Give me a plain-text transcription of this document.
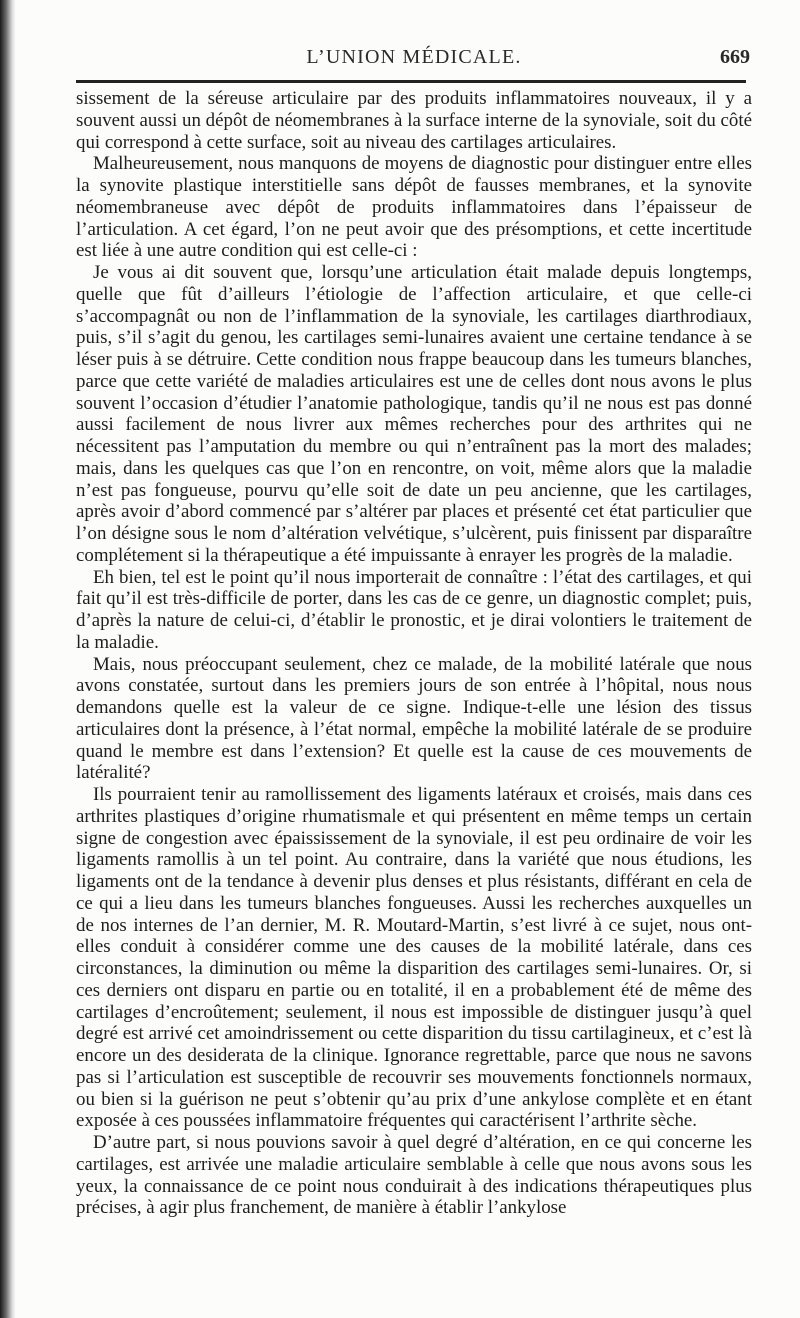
L’UNION MÉDICALE.	669

sissement de la séreuse articulaire par des produits inflammatoires nouveaux, il y a souvent aussi un dépôt de néomembranes à la surface interne de la synoviale, soit du côté qui correspond à cette surface, soit au niveau des cartilages articulaires.

Malheureusement, nous manquons de moyens de diagnostic pour distinguer entre elles la synovite plastique interstitielle sans dépôt de fausses membranes, et la synovite néomembraneuse avec dépôt de produits inflammatoires dans l’épaisseur de l’articulation. A cet égard, l’on ne peut avoir que des présomptions, et cette incertitude est liée à une autre condition qui est celle-ci :

Je vous ai dit souvent que, lorsqu’une articulation était malade depuis longtemps, quelle que fût d’ailleurs l’étiologie de l’affection articulaire, et que celle-ci s’accompagnât ou non de l’inflammation de la synoviale, les cartilages diarthrodiaux, puis, s’il s’agit du genou, les cartilages semi-lunaires avaient une certaine tendance à se léser puis à se détruire. Cette condition nous frappe beaucoup dans les tumeurs blanches, parce que cette variété de maladies articulaires est une de celles dont nous avons le plus souvent l’occasion d’étudier l’anatomie pathologique, tandis qu’il ne nous est pas donné aussi facilement de nous livrer aux mêmes recherches pour des arthrites qui ne nécessitent pas l’amputation du membre ou qui n’entraînent pas la mort des malades; mais, dans les quelques cas que l’on en rencontre, on voit, même alors que la maladie n’est pas fongueuse, pourvu qu’elle soit de date un peu ancienne, que les cartilages, après avoir d’abord commencé par s’altérer par places et présenté cet état particulier que l’on désigne sous le nom d’altération velvétique, s’ulcèrent, puis finissent par disparaître complétement si la thérapeutique a été impuissante à enrayer les progrès de la maladie.

Eh bien, tel est le point qu’il nous importerait de connaître : l’état des cartilages, et qui fait qu’il est très-difficile de porter, dans les cas de ce genre, un diagnostic complet; puis, d’après la nature de celui-ci, d’établir le pronostic, et je dirai volontiers le traitement de la maladie.

Mais, nous préoccupant seulement, chez ce malade, de la mobilité latérale que nous avons constatée, surtout dans les premiers jours de son entrée à l’hôpital, nous nous demandons quelle est la valeur de ce signe. Indique-t-elle une lésion des tissus articulaires dont la présence, à l’état normal, empêche la mobilité latérale de se produire quand le membre est dans l’extension? Et quelle est la cause de ces mouvements de latéralité?

Ils pourraient tenir au ramollissement des ligaments latéraux et croisés, mais dans ces arthrites plastiques d’origine rhumatismale et qui présentent en même temps un certain signe de congestion avec épaississement de la synoviale, il est peu ordinaire de voir les ligaments ramollis à un tel point. Au contraire, dans la variété que nous étudions, les ligaments ont de la tendance à devenir plus denses et plus résistants, différant en cela de ce qui a lieu dans les tumeurs blanches fongueuses. Aussi les recherches auxquelles un de nos internes de l’an dernier, M. R. Moutard-Martin, s’est livré à ce sujet, nous ont-elles conduit à considérer comme une des causes de la mobilité latérale, dans ces circonstances, la diminution ou même la disparition des cartilages semi-lunaires. Or, si ces derniers ont disparu en partie ou en totalité, il en a probablement été de même des cartilages d’encroûtement; seulement, il nous est impossible de distinguer jusqu’à quel degré est arrivé cet amoindrissement ou cette disparition du tissu cartilagineux, et c’est là encore un des desiderata de la clinique. Ignorance regrettable, parce que nous ne savons pas si l’articulation est susceptible de recouvrir ses mouvements fonctionnels normaux, ou bien si la guérison ne peut s’obtenir qu’au prix d’une ankylose complète et en étant exposée à ces poussées inflammatoire fréquentes qui caractérisent l’arthrite sèche.

D’autre part, si nous pouvions savoir à quel degré d’altération, en ce qui concerne les cartilages, est arrivée une maladie articulaire semblable à celle que nous avons sous les yeux, la connaissance de ce point nous conduirait à des indications thérapeutiques plus précises, à agir plus franchement, de manière à établir l’ankylose
